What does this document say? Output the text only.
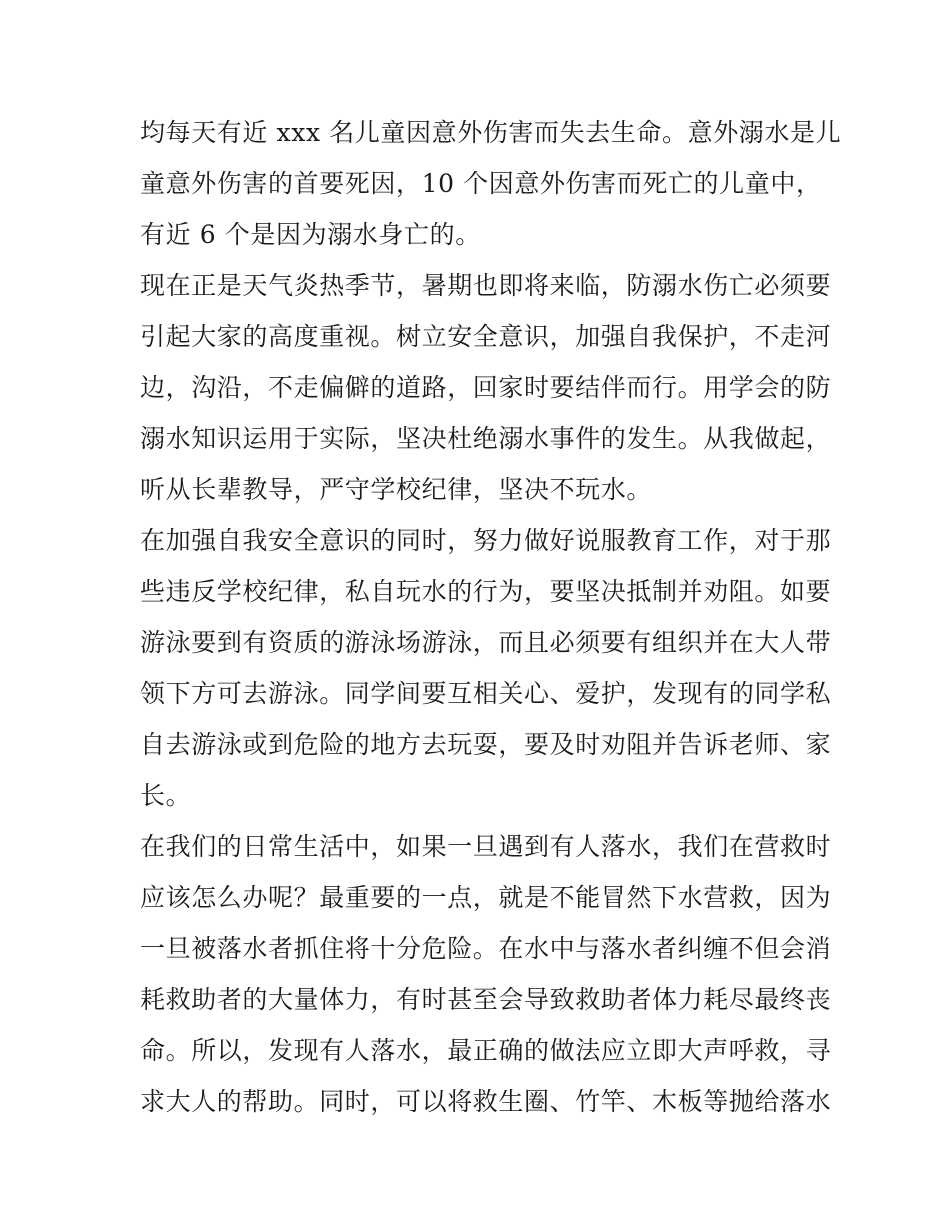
均每天有近 xxx 名儿童因意外伤害而失去生命。意外溺水是儿
童意外伤害的首要死因，10 个因意外伤害而死亡的儿童中，
有近 6 个是因为溺水身亡的。
现在正是天气炎热季节，暑期也即将来临，防溺水伤亡必须要
引起大家的高度重视。树立安全意识，加强自我保护，不走河
边，沟沿，不走偏僻的道路，回家时要结伴而行。用学会的防
溺水知识运用于实际，坚决杜绝溺水事件的发生。从我做起，
听从长辈教导，严守学校纪律，坚决不玩水。
在加强自我安全意识的同时，努力做好说服教育工作，对于那
些违反学校纪律，私自玩水的行为，要坚决抵制并劝阻。如要
游泳要到有资质的游泳场游泳，而且必须要有组织并在大人带
领下方可去游泳。同学间要互相关心、爱护，发现有的同学私
自去游泳或到危险的地方去玩耍，要及时劝阻并告诉老师、家
长。
在我们的日常生活中，如果一旦遇到有人落水，我们在营救时
应该怎么办呢？最重要的一点，就是不能冒然下水营救，因为
一旦被落水者抓住将十分危险。在水中与落水者纠缠不但会消
耗救助者的大量体力，有时甚至会导致救助者体力耗尽最终丧
命。所以，发现有人落水，最正确的做法应立即大声呼救，寻
求大人的帮助。同时，可以将救生圈、竹竿、木板等抛给落水
